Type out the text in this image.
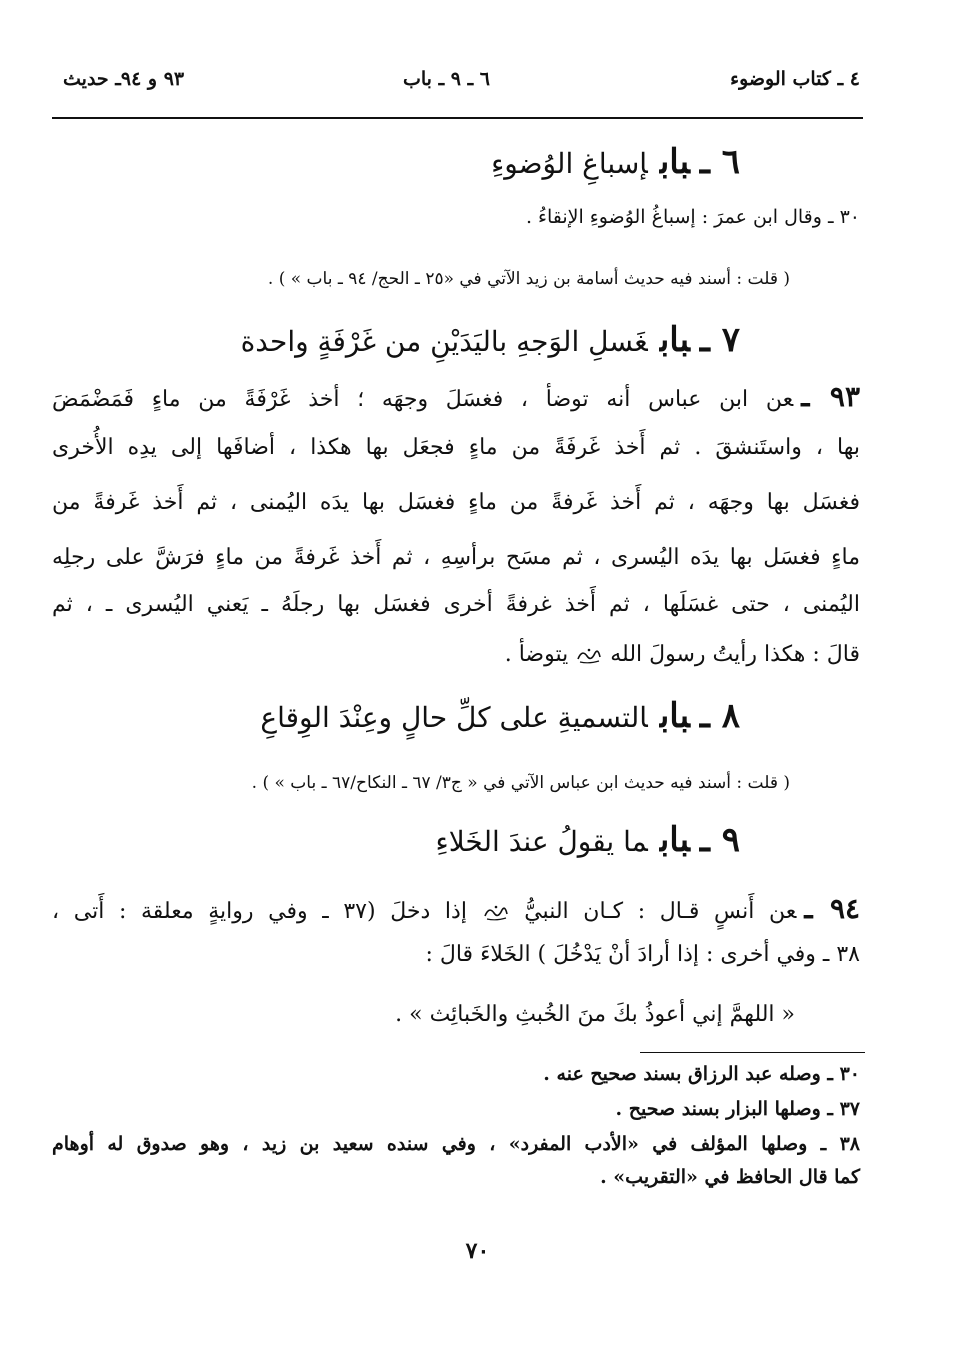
٤ ـ كتاب الوضوء
٦ ـ ٩ ـ باب
٩٣ و ٩٤ـ حديث
٦ ـبابإسباغِ الوُضوءِ
٣٠ ـ وقال ابن عمرَ : إسباغُ الوُضوءِ الإنقاءُ .
( قلت : أسند فيه حديث أسامة بن زيد الآتي في «٢٥ ـ الحج/ ٩٤ ـ باب » ) .
٧ ـبابغَسلِ الوَجهِ باليَدَيْنِ من غَرْفَةٍ واحدة
٩٣ ـعن ابن عباس أنه توضأ ، فغسَلَ وجهَه ؛ أخذ غَرْفَةً من ماءٍ فَمَضْمَضَ
بها ، واستَنشقَ . ثم أَخذ غَرفَةً من ماءٍ فجعَل بها هكذا ، أضافَها إلى يدِه الأُخرى
فغسَل بها وجهَه ، ثم أَخذ غَرفةً من ماءٍ فغسَل بها يدَه اليُمنى ، ثم أَخذ غَرفةً من
ماءٍ فغسَل بها يدَه اليُسرى ، ثم مسَح برأسِهِ ، ثم أَخذ غَرفةً من ماءٍ فرَشَّ على رجلِه
اليُمنى ، حتى غسَلَها ، ثم أَخذ غرفةً أخرى فغسَل بها رجلَهُ ـ يَعني اليُسرى ـ ، ثم
قالَ : هكذا رأيتُ رسولَ الله  يتوضأ .
٨ ـبابالتسميةِ على كلِّ حالٍ وعِنْدَ الوِقاعِ
( قلت : أسند فيه حديث ابن عباس الآتي في « ج٣/ ٦٧ ـ النكاح/٦٧ ـ باب » ) .
٩ ـبابما يقولُ عندَ الخَلاءِ
٩٤ ـعن أَنسٍ قـال : كـان النبيُّ  إذا دخلَ (٣٧ ـ وفي روايةٍ معلقة : أَتى ،
٣٨ ـ وفي أخرى : إذا أرادَ أنْ يَدْخُلَ ) الخَلاءَ قالَ :
« اللهمَّ إني أعوذُ بكَ منَ الخُبثِ والخَبائِث » .
٣٠ ـ وصله عبد الرزاق بسند صحيح عنه .
٣٧ ـ وصلها البزار بسند صحيح .
٣٨ ـ وصلها المؤلف في «الأدب المفرد» ، وفي سنده سعيد بن زيد ، وهو صدوق له أوهام
كما قال الحافظ في «التقريب» .
٧٠
